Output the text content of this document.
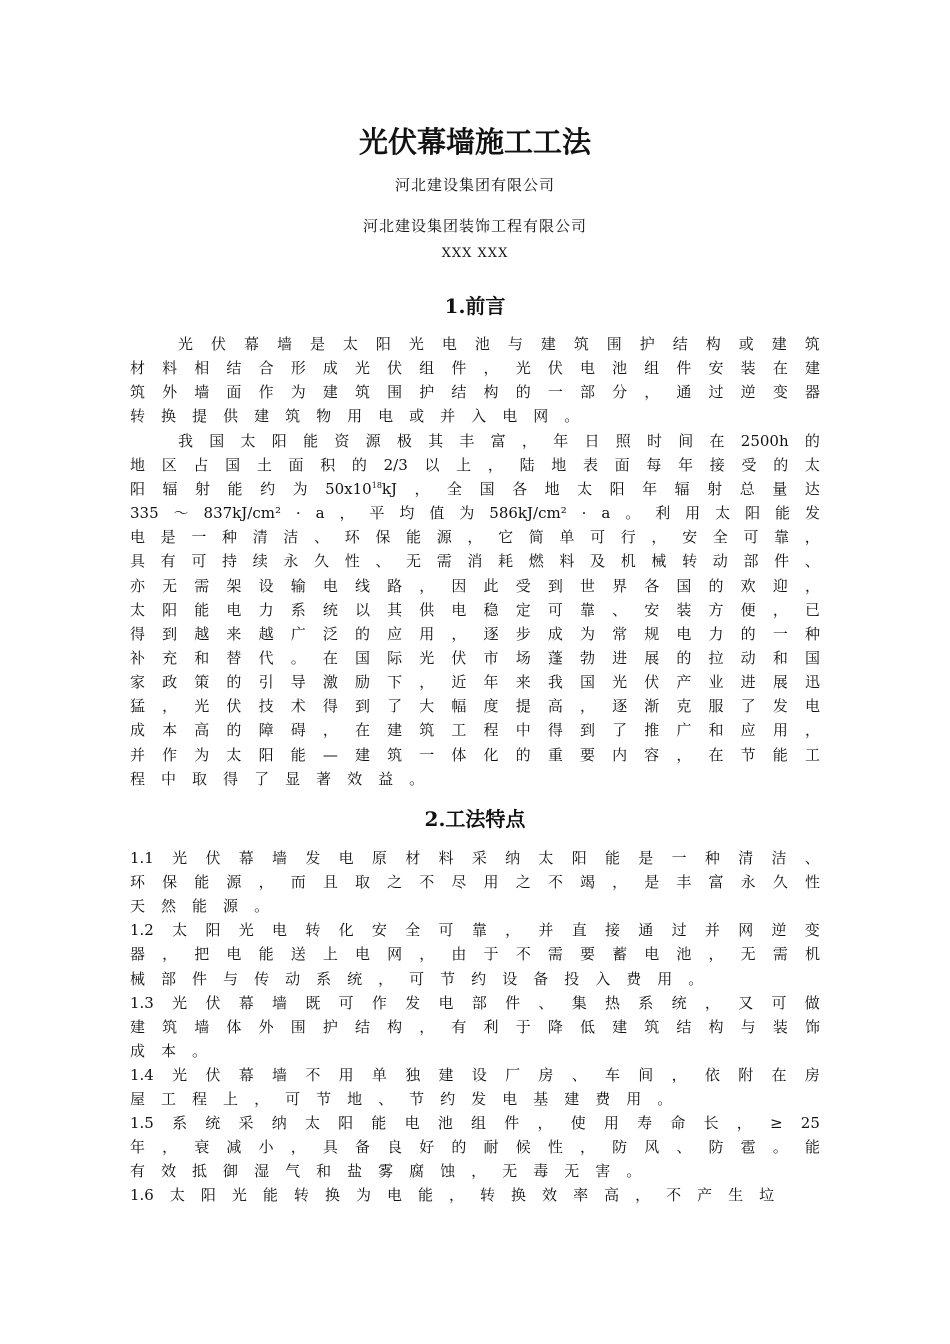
光伏幕墙施工工法
河北建设集团有限公司
河北建设集团装饰工程有限公司
XXX XXX
1.前言
光 伏 幕 墙 是 太 阳 光 电 池 与 建 筑 围 护 结 构 或 建 筑
材 料 相 结 合 形 成 光 伏 组 件 ， 光 伏 电 池 组 件 安 装 在 建
筑 外 墙 面 作 为 建 筑 围 护 结 构 的 一 部 分 ， 通 过 逆 变 器
转 换 提 供 建 筑 物 用 电 或 并 入 电 网 。
我 国 太 阳 能 资 源 极 其 丰 富 ， 年 日 照 时 间 在 2500h 的
地 区 占 国 土 面 积 的 2/3 以 上 ， 陆 地 表 面 每 年 接 受 的 太
阳 辐 射 能 约 为 $50x10^{18}kJ$ ， 全 国 各 地 太 阳 年 辐 射 总 量 达
335 ～ 837kJ/cm² · a ， 平 均 值 为 586kJ/cm² · a 。 利 用 太 阳 能 发
电 是 一 种 清 洁 、 环 保 能 源 ， 它 简 单 可 行 ， 安 全 可 靠 ，
具 有 可 持 续 永 久 性 、 无 需 消 耗 燃 料 及 机 械 转 动 部 件 、
亦 无 需 架 设 输 电 线 路 ， 因 此 受 到 世 界 各 国 的 欢 迎 ，
太 阳 能 电 力 系 统 以 其 供 电 稳 定 可 靠 、 安 装 方 便 ， 已
得 到 越 来 越 广 泛 的 应 用 ， 逐 步 成 为 常 规 电 力 的 一 种
补 充 和 替 代 。 在 国 际 光 伏 市 场 蓬 勃 进 展 的 拉 动 和 国
家 政 策 的 引 导 激 励 下 ， 近 年 来 我 国 光 伏 产 业 进 展 迅
猛 ， 光 伏 技 术 得 到 了 大 幅 度 提 高 ， 逐 渐 克 服 了 发 电
成 本 高 的 障 碍 ， 在 建 筑 工 程 中 得 到 了 推 广 和 应 用 ，
并 作 为 太 阳 能 — 建 筑 一 体 化 的 重 要 内 容 ， 在 节 能 工
程 中 取 得 了 显 著 效 益 。
2.工法特点
1.1 光 伏 幕 墙 发 电 原 材 料 采 纳 太 阳 能 是 一 种 清 洁 、
环 保 能 源 ， 而 且 取 之 不 尽 用 之 不 竭 ， 是 丰 富 永 久 性
天 然 能 源 。
1.2 太 阳 光 电 转 化 安 全 可 靠 ， 并 直 接 通 过 并 网 逆 变
器 ， 把 电 能 送 上 电 网 ， 由 于 不 需 要 蓄 电 池 ， 无 需 机
械 部 件 与 传 动 系 统 ， 可 节 约 设 备 投 入 费 用 。
1.3 光 伏 幕 墙 既 可 作 发 电 部 件 、 集 热 系 统 ， 又 可 做
建 筑 墙 体 外 围 护 结 构 ， 有 利 于 降 低 建 筑 结 构 与 装 饰
成 本 。
1.4 光 伏 幕 墙 不 用 单 独 建 设 厂 房 、 车 间 ， 依 附 在 房
屋 工 程 上 ， 可 节 地 、 节 约 发 电 基 建 费 用 。
1.5 系 统 采 纳 太 阳 能 电 池 组 件 ， 使 用 寿 命 长 ， ≥ 25
年 ， 衰 减 小 ， 具 备 良 好 的 耐 候 性 ， 防 风 、 防 雹 。 能
有 效 抵 御 湿 气 和 盐 雾 腐 蚀 ， 无 毒 无 害 。
1.6 太 阳 光 能 转 换 为 电 能 ， 转 换 效 率 高 ， 不 产 生 垃
